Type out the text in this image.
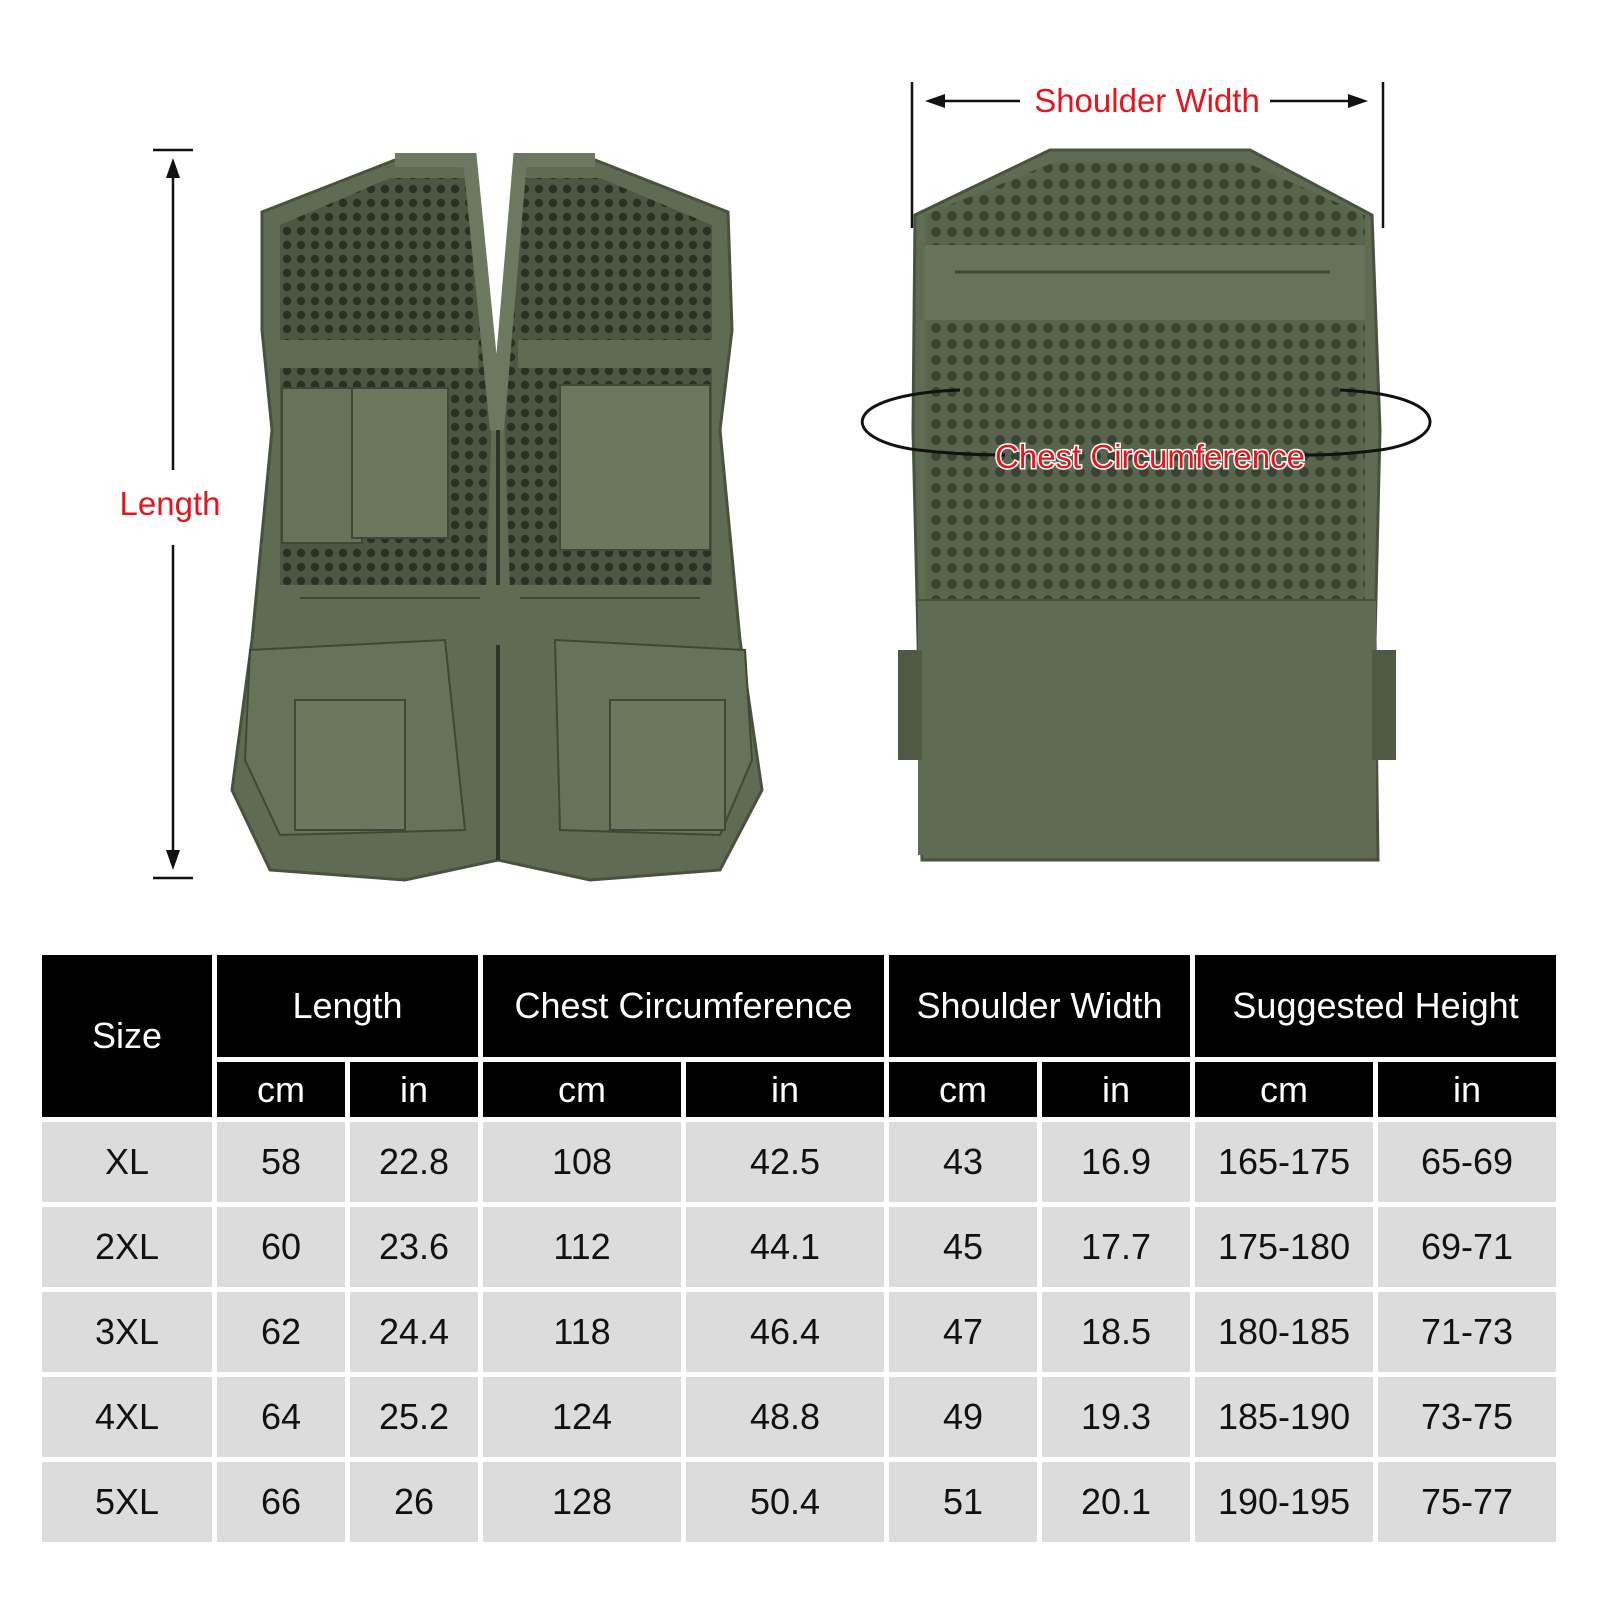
Length
Shoulder Width
Chest Circumference
Size	Length		Chest Circumference		Shoulder Width		Suggested Height	
	cm	in	cm	in	cm	in	cm	in
XL	58	22.8	108	42.5	43	16.9	165-175	65-69
2XL	60	23.6	112	44.1	45	17.7	175-180	69-71
3XL	62	24.4	118	46.4	47	18.5	180-185	71-73
4XL	64	25.2	124	48.8	49	19.3	185-190	73-75
5XL	66	26	128	50.4	51	20.1	190-195	75-77
